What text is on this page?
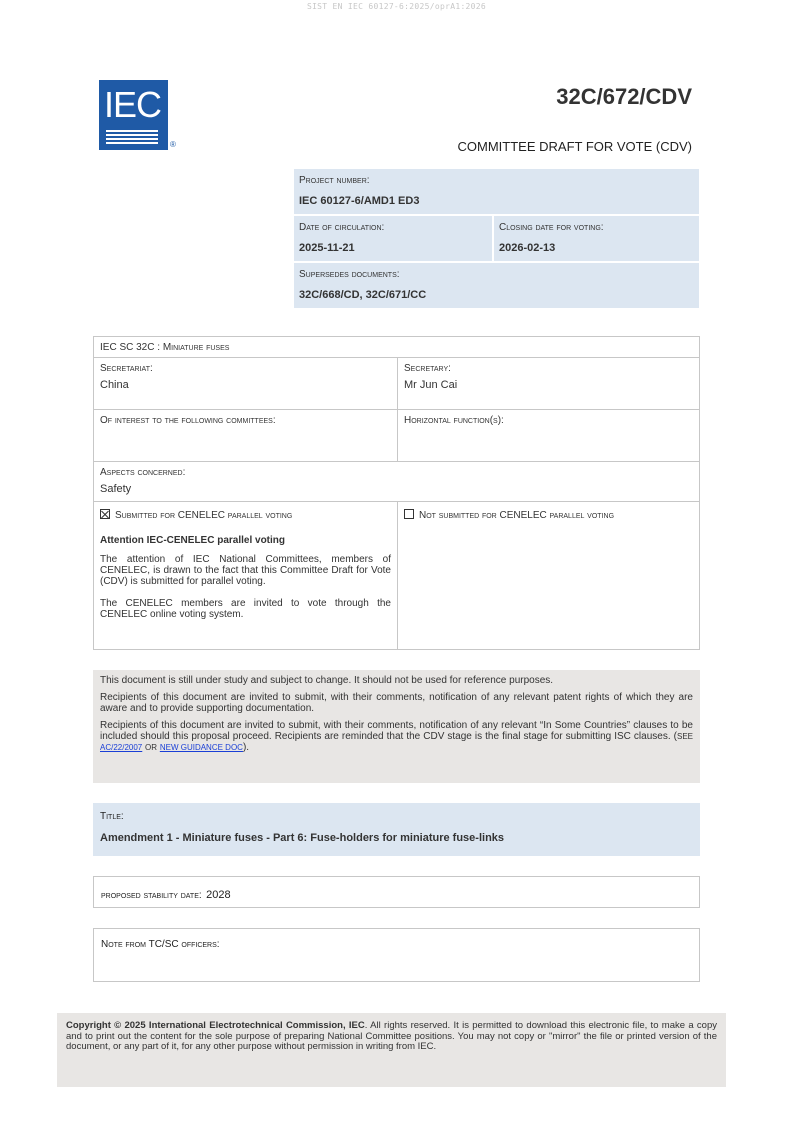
SIST EN IEC 60127-6:2025/oprA1:2026
IEC
®
32C/672/CDV
COMMITTEE DRAFT FOR VOTE (CDV)
Project number:
IEC 60127-6/AMD1 ED3
Date of circulation:
2025-11-21
Closing date for voting:
2026-02-13
Supersedes documents:
32C/668/CD, 32C/671/CC
IEC SC 32C : Miniature fuses	

Secretariat:
China	Secretary:
Mr Jun Cai

Of interest to the following committees:	Horizontal function(s):

Aspects concerned:
Safety	

Submitted for CENELEC parallel voting
Attention IEC-CENELEC parallel voting

The attention of IEC National Committees, members of CENELEC, is drawn to the fact that this Committee Draft for Vote (CDV) is submitted for parallel voting.

The CENELEC members are invited to vote through the CENELEC online voting system.	Not submitted for CENELEC parallel voting

This document is still under study and subject to change. It should not be used for reference purposes.

Recipients of this document are invited to submit, with their comments, notification of any relevant patent rights of which they are aware and to provide supporting documentation.

Recipients of this document are invited to submit, with their comments, notification of any relevant “In Some Countries” clauses to be included should this proposal proceed. Recipients are reminded that the CDV stage is the final stage for submitting ISC clauses. (SEE AC/22/2007 OR NEW GUIDANCE DOC).

Title:
Amendment 1 - Miniature fuses - Part 6: Fuse-holders for miniature fuse-links
proposed stability date: 2028
Note from TC/SC officers:

Copyright © 2025 International Electrotechnical Commission, IEC. All rights reserved. It is permitted to download this electronic file, to make a copy and to print out the content for the sole purpose of preparing National Committee positions. You may not copy or "mirror" the file or printed version of the document, or any part of it, for any other purpose without permission in writing from IEC.
